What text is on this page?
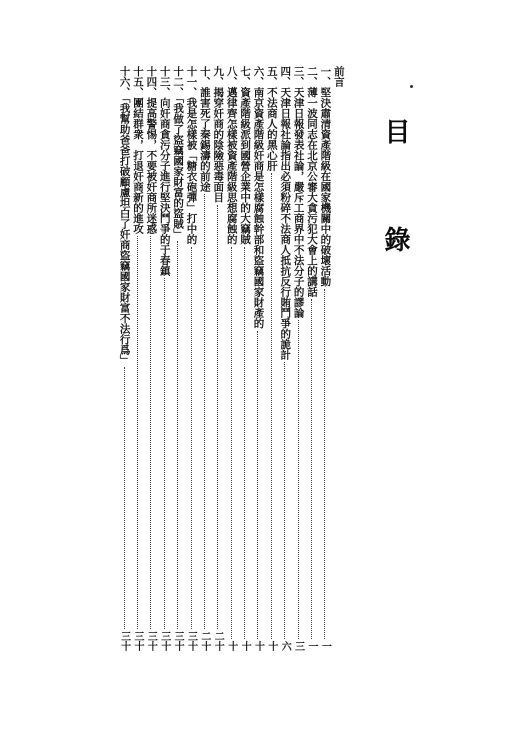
目　錄
前言
一、堅決肅清資產階級在國家機關中的破壞活動
一
二、薄一波同志在北京公審大貪污犯大會上的講話
一
三、天津日報發表社論，嚴斥工商界中不法分子的謬論
三
四、天津日報社論指出必須粉碎不法商人抵抗反行賄鬥爭的詭計
六
五、不法商人的黑心肝
十
六、南京資產階級奸商是怎樣腐蝕幹部和盜竊國家財產的
十
七、資產階級派到國營企業中的大竊賊
十
八、邁律齊怎樣被資產階級思想腐蝕的
十
九、揭穿奸商的陰險惡毒面目
二十
十、誰害死了秦錫濤的前途
二十
十一、我是怎樣被「糖衣砲彈」打中的
三十
十二、「我做了盜竊國家財富的盜賊」
三十
十三、向奸商貪污分子進行堅決鬥爭的于春鎮
三十
十四、提高警惕，不要被奸商所迷惑
三十
十五、團結群衆，打退奸商新的進攻
三十
十六、「我幫助爸爸打破顧慮坦白了奸商盜竊國家財富不法行爲」
三十
